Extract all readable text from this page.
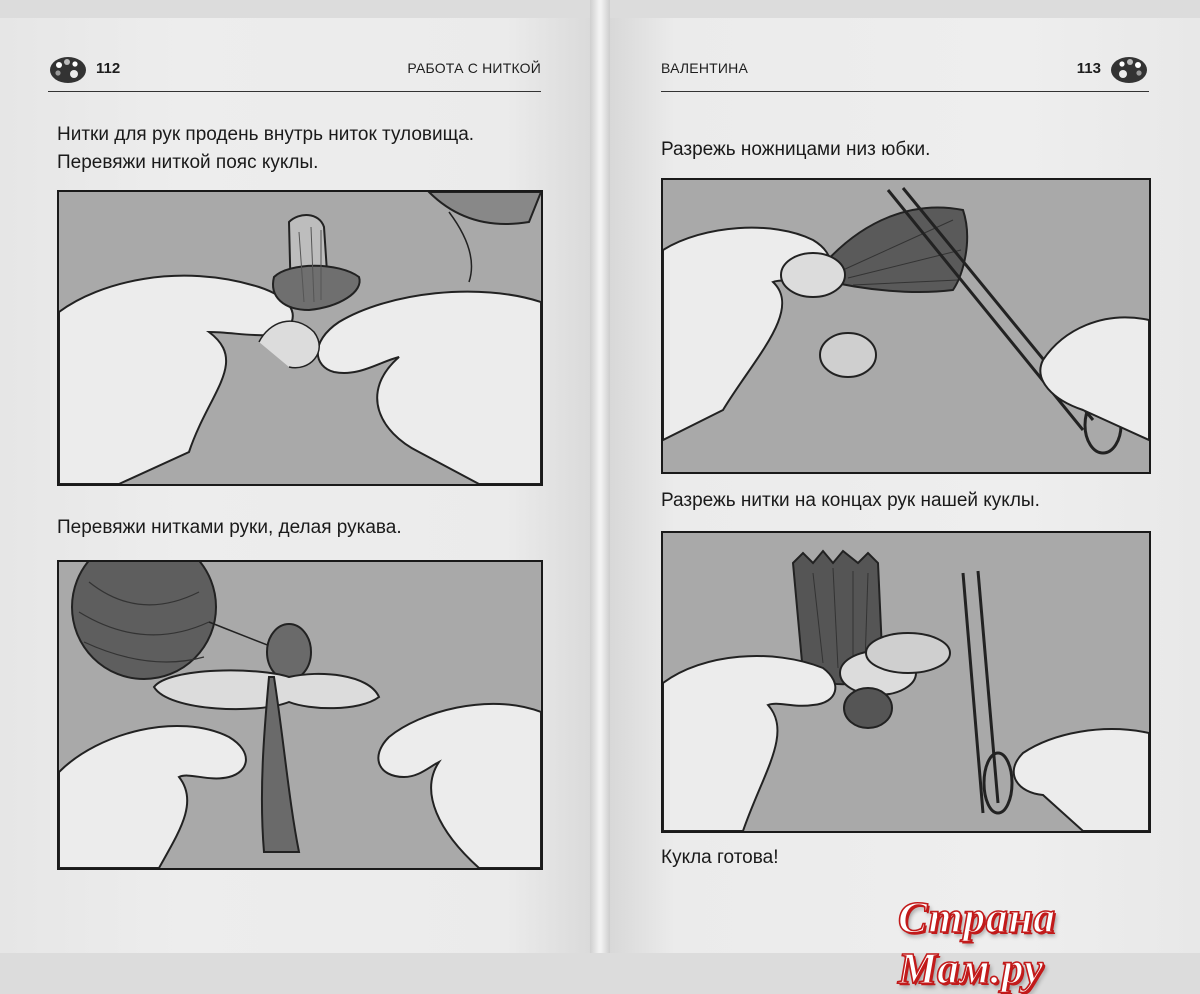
112	РАБОТА С НИТКОЙ

Нитки для рук продень внутрь ниток туловища.
Перевяжи ниткой пояс куклы.

Перевяжи нитками руки, делая рукава.

ВАЛЕНТИНА	113

Разрежь ножницами низ юбки.

Разрежь нитки на концах рук нашей куклы.

Кукла готова!

Страна Мам.ру
